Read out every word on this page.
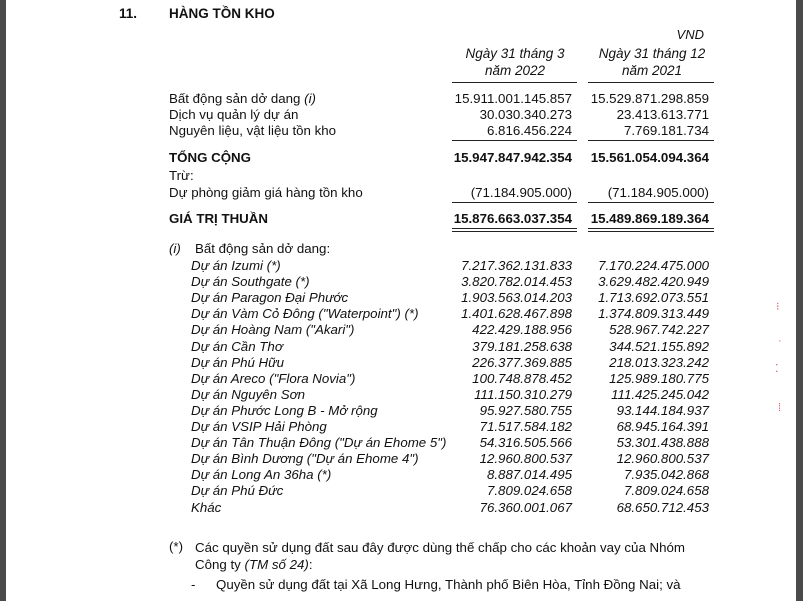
11. HÀNG TỒN KHO
VND
Ngày 31 tháng 3
năm 2022
Ngày 31 tháng 12
năm 2021
Bất động sản dở dang (i)	15.911.001.145.857 15.529.871.298.859
Dịch vụ quản lý dự án	30.030.340.273	23.413.613.771
Nguyên liệu, vật liệu tồn kho	6.816.456.224	7.769.181.734
TỔNG CỘNG	15.947.847.942.354 15.561.054.094.364
Trừ:
Dự phòng giảm giá hàng tồn kho	(71.184.905.000)	(71.184.905.000)
GIÁ TRỊ THUẦN	15.876.663.037.354 15.489.869.189.364
(i) Bất động sản dở dang:
Dự án Izumi (*)	7.217.362.131.833 7.170.224.475.000
Dự án Southgate (*)	3.820.782.014.453 3.629.482.420.949
Dự án Paragon Đại Phước	1.903.563.014.203 1.713.692.073.551
Dự án Vàm Cỏ Đông ("Waterpoint") (*)	1.401.628.467.898 1.374.809.313.449
Dự án Hoàng Nam ("Akari")	422.429.188.956	528.967.742.227
Dự án Cần Thơ	379.181.258.638	344.521.155.892
Dự án Phú Hữu	226.377.369.885	218.013.323.242
Dự án Areco ("Flora Novia")	100.748.878.452	125.989.180.775
Dự án Nguyên Sơn	111.150.310.279	111.425.245.042
Dự án Phước Long B - Mở rộng	95.927.580.755	93.144.184.937
Dự án VSIP Hải Phòng	71.517.584.182	68.945.164.391
Dự án Tân Thuận Đông ("Dự án Ehome 5") 54.316.505.566	53.301.438.888
Dự án Bình Dương ("Dự án Ehome 4")	12.960.800.537	12.960.800.537
Dự án Long An 36ha (*)	8.887.014.495	7.935.042.868
Dự án Phú Đức	7.809.024.658	7.809.024.658
Khác	76.360.001.067	68.650.712.453
(*) Các quyền sử dụng đất sau đây được dùng thế chấp cho các khoản vay của Nhóm Công ty (TM số 24):
- Quyền sử dụng đất tại Xã Long Hưng, Thành phố Biên Hòa, Tỉnh Đồng Nai; và
⁝
·
⁚
⁞
